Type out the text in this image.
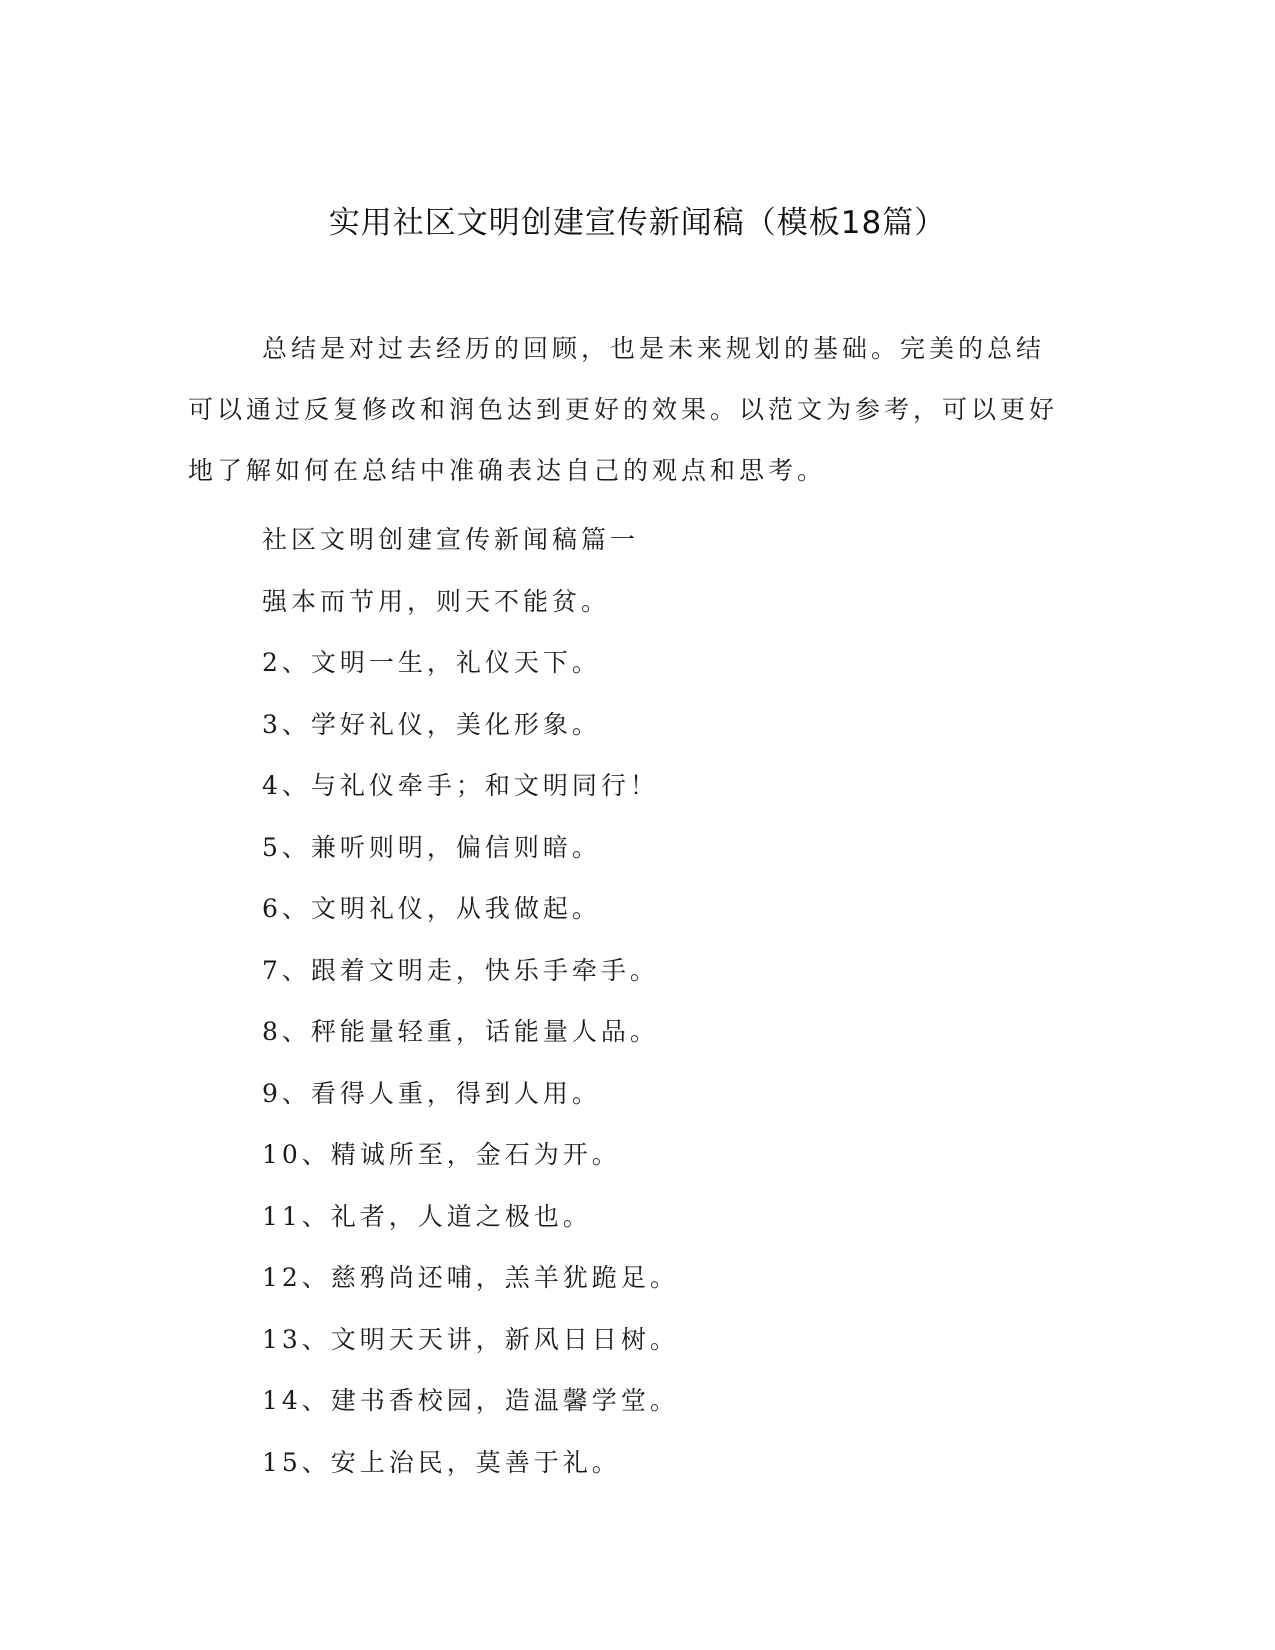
实用社区文明创建宣传新闻稿（模板18篇）

总结是对过去经历的回顾，也是未来规划的基础。完美的总结可以通过反复修改和润色达到更好的效果。以范文为参考，可以更好地了解如何在总结中准确表达自己的观点和思考。

社区文明创建宣传新闻稿篇一
强本而节用，则天不能贫。
2、文明一生，礼仪天下。
3、学好礼仪，美化形象。
4、与礼仪牵手；和文明同行！
5、兼听则明，偏信则暗。
6、文明礼仪，从我做起。
7、跟着文明走，快乐手牵手。
8、秤能量轻重，话能量人品。
9、看得人重，得到人用。
10、精诚所至，金石为开。
11、礼者，人道之极也。
12、慈鸦尚还哺，羔羊犹跪足。
13、文明天天讲，新风日日树。
14、建书香校园，造温馨学堂。
15、安上治民，莫善于礼。
